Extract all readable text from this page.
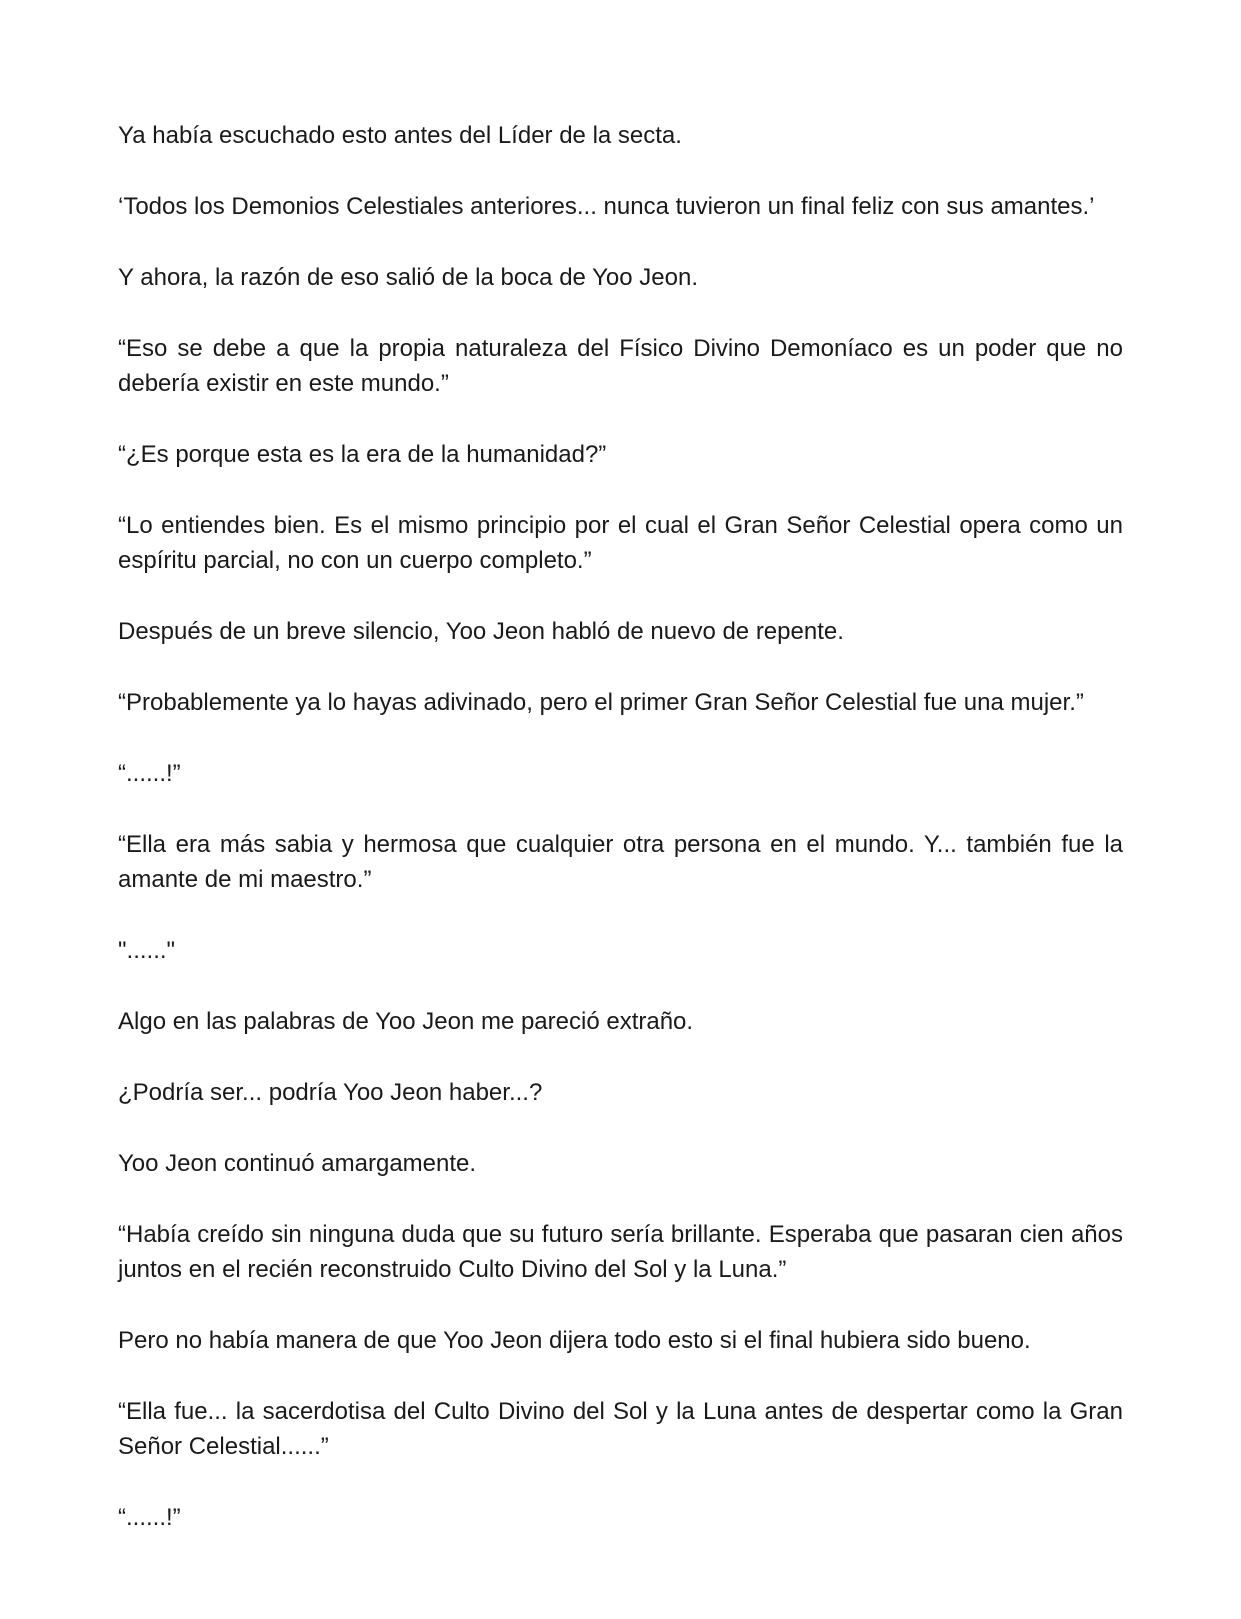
Ya había escuchado esto antes del Líder de la secta.

‘Todos los Demonios Celestiales anteriores... nunca tuvieron un final feliz con sus amantes.’

Y ahora, la razón de eso salió de la boca de Yoo Jeon.

“Eso se debe a que la propia naturaleza del Físico Divino Demoníaco es un poder que no debería existir en este mundo.”

“¿Es porque esta es la era de la humanidad?”

“Lo entiendes bien. Es el mismo principio por el cual el Gran Señor Celestial opera como un espíritu parcial, no con un cuerpo completo.”

Después de un breve silencio, Yoo Jeon habló de nuevo de repente.

“Probablemente ya lo hayas adivinado, pero el primer Gran Señor Celestial fue una mujer.”

“......!”

“Ella era más sabia y hermosa que cualquier otra persona en el mundo. Y... también fue la amante de mi maestro.”

"......"

Algo en las palabras de Yoo Jeon me pareció extraño.

¿Podría ser... podría Yoo Jeon haber...?

Yoo Jeon continuó amargamente.

“Había creído sin ninguna duda que su futuro sería brillante. Esperaba que pasaran cien años juntos en el recién reconstruido Culto Divino del Sol y la Luna.”

Pero no había manera de que Yoo Jeon dijera todo esto si el final hubiera sido bueno.

“Ella fue... la sacerdotisa del Culto Divino del Sol y la Luna antes de despertar como la Gran Señor Celestial......”

“......!”
